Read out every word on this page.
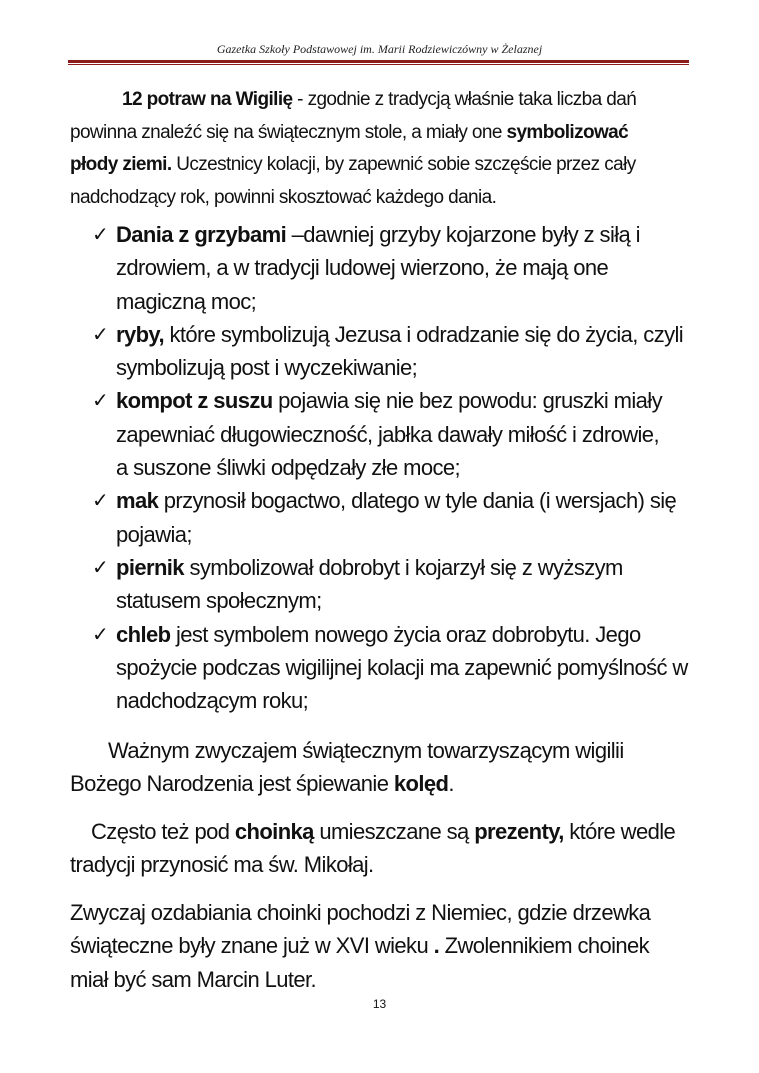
Gazetka Szkoły Podstawowej im. Marii Rodziewiczówny w Żelaznej
12 potraw na Wigilię - zgodnie z tradycją właśnie taka liczba dań
powinna znaleźć się na świątecznym stole, a miały one symbolizować
płody ziemi. Uczestnicy kolacji, by zapewnić sobie szczęście przez cały
nadchodzący rok, powinni skosztować każdego dania.
✓ Dania z grzybami –dawniej grzyby kojarzone były z siłą i
zdrowiem, a w tradycji ludowej wierzono, że mają one
magiczną moc;
✓ ryby, które symbolizują Jezusa i odradzanie się do życia, czyli
symbolizują post i wyczekiwanie;
✓ kompot z suszu pojawia się nie bez powodu: gruszki miały
zapewniać długowieczność, jabłka dawały miłość i zdrowie,
a suszone śliwki odpędzały złe moce;
✓ mak przynosił bogactwo, dlatego w tyle dania (i wersjach) się
pojawia;
✓ piernik symbolizował dobrobyt i kojarzył się z wyższym
statusem społecznym;
✓ chleb jest symbolem nowego życia oraz dobrobytu. Jego
spożycie podczas wigilijnej kolacji ma zapewnić pomyślność w
nadchodzącym roku;
Ważnym zwyczajem świątecznym towarzyszącym wigilii
Bożego Narodzenia jest śpiewanie kolęd.
Często też pod choinką umieszczane są prezenty, które wedle
tradycji przynosić ma św. Mikołaj.
Zwyczaj ozdabiania choinki pochodzi z Niemiec, gdzie drzewka
świąteczne były znane już w XVI wieku . Zwolennikiem choinek
miał być sam Marcin Luter.
13
